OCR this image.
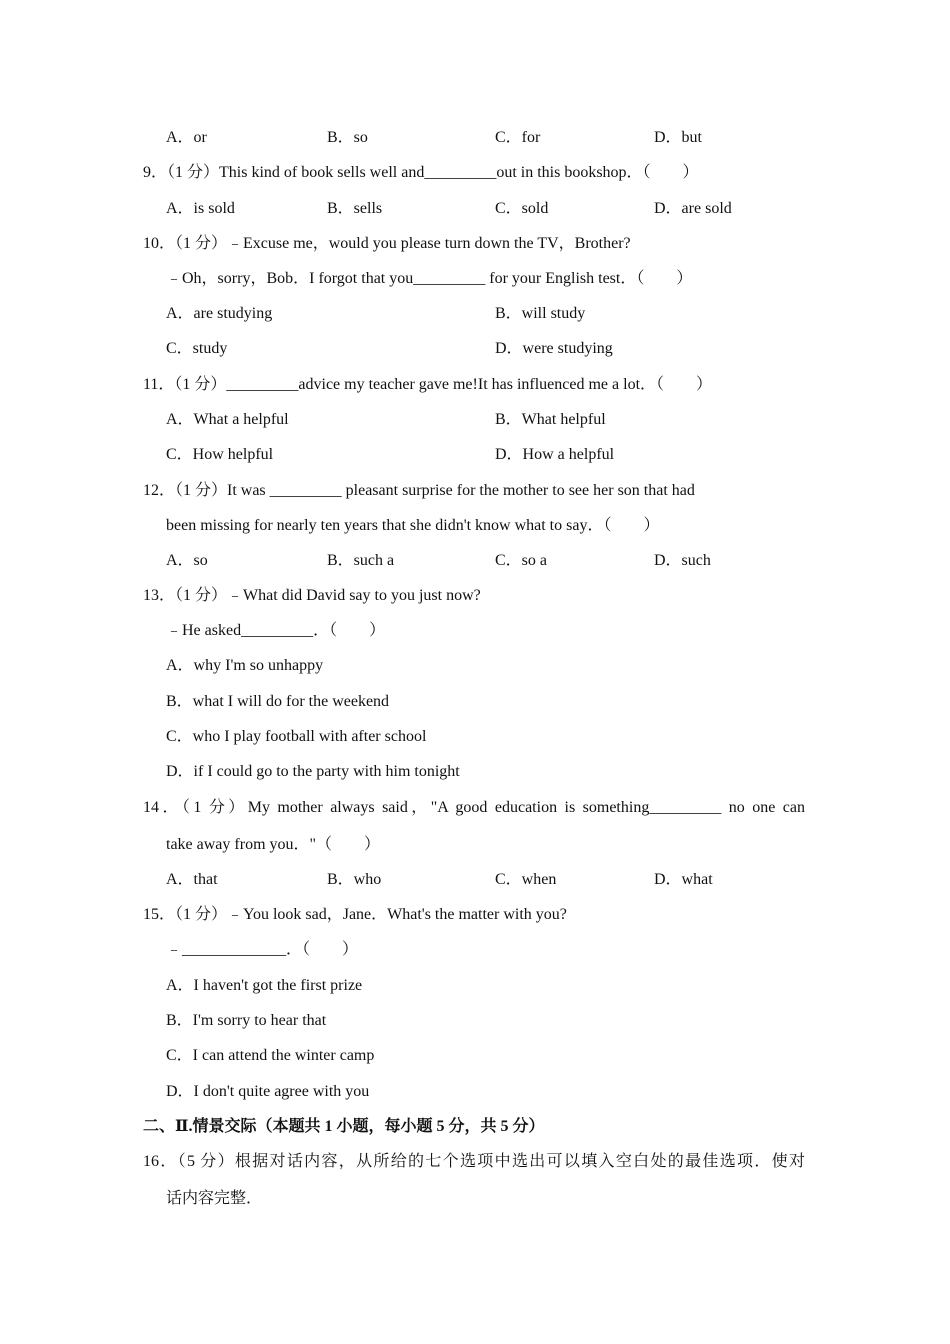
A．or	B．so	C．for	D．but
9．（1 分）This kind of book sells well and_________out in this bookshop．（　　）
A．is sold	B．sells	C．sold	D．are sold
10．（1 分）﹣Excuse me，would you please turn down the TV，Brother?
﹣Oh，sorry，Bob．I forgot that you_________ for your English test．（　　）
A．are studying	B．will study
C．study	D．were studying
11．（1 分）_________advice my teacher gave me!It has influenced me a lot．（　　）
A．What a helpful	B．What helpful
C．How helpful	D．How a helpful
12．（1 分）It was _________ pleasant surprise for the mother to see her son that had
been missing for nearly ten years that she didn't know what to say．（　　）
A．so	B．such a	C．so a	D．such
13．（1 分）﹣What did David say to you just now?
﹣He asked_________．（　　）
A．why I'm so unhappy
B．what I will do for the weekend
C．who I play football with after school
D．if I could go to the party with him tonight
14．（1 分）My mother always said，"A good education is something_________ no one can
take away from you．"（　　）
A．that	B．who	C．when	D．what
15．（1 分）﹣You look sad，Jane．What's the matter with you?
﹣_____________．（　　）
A．I haven't got the first prize
B．I'm sorry to hear that
C．I can attend the winter camp
D．I don't quite agree with you
二、Ⅱ.情景交际（本题共 1 小题，每小题 5 分，共 5 分）
16．（5 分）根据对话内容，从所给的七个选项中选出可以填入空白处的最佳选项．使对
话内容完整．
